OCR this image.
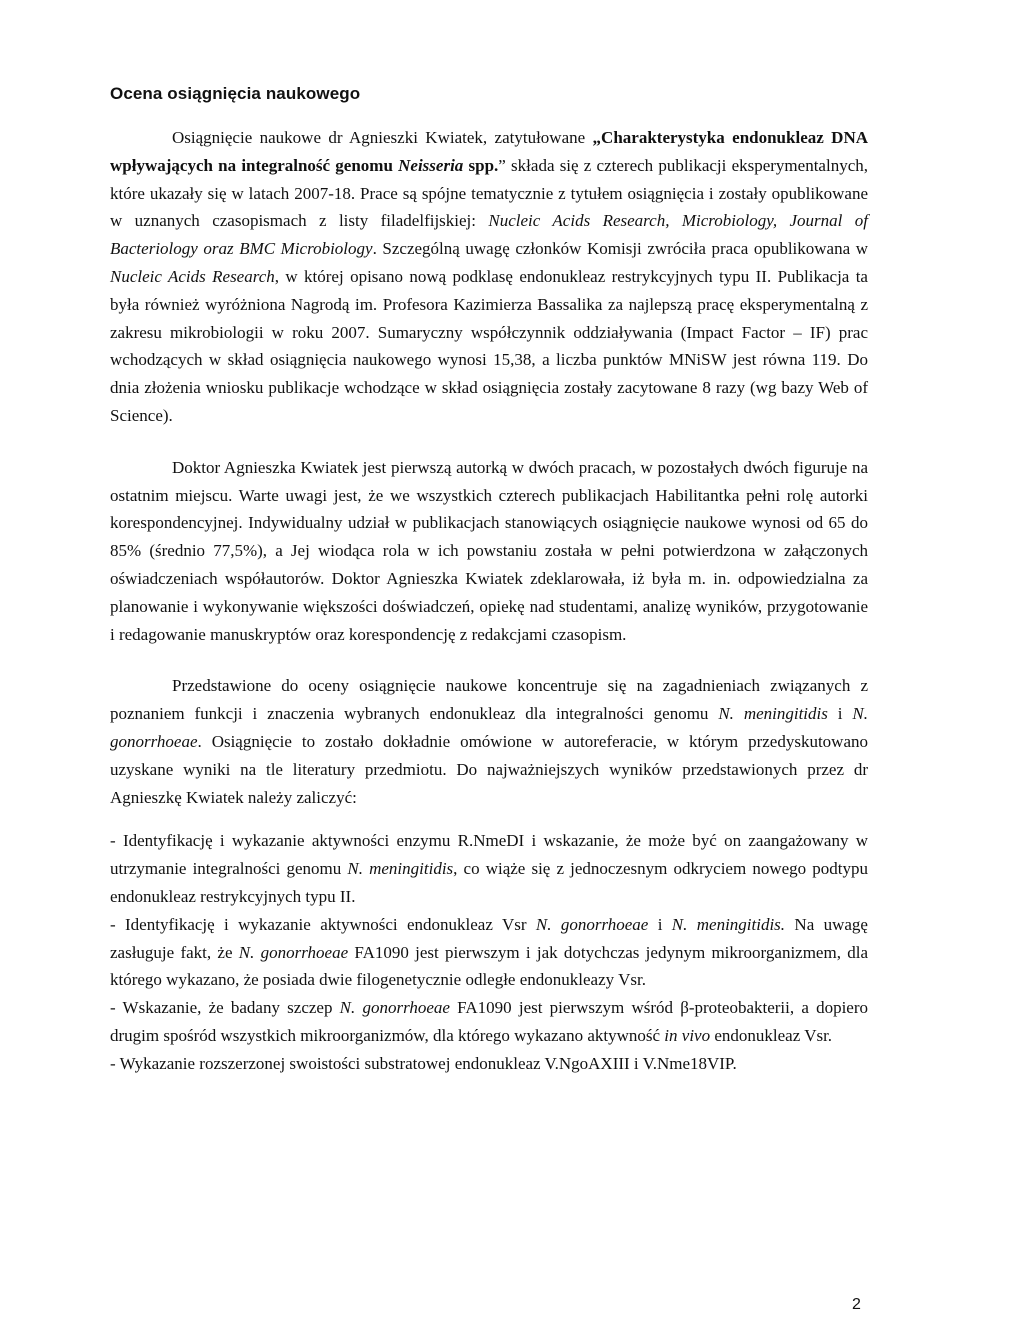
Ocena osiągnięcia naukowego

Osiągnięcie naukowe dr Agnieszki Kwiatek, zatytułowane „Charakterystyka endonukleaz DNA wpływających na integralność genomu Neisseria spp.” składa się z czterech publikacji eksperymentalnych, które ukazały się w latach 2007-18. Prace są spójne tematycznie z tytułem osiągnięcia i zostały opublikowane w uznanych czasopismach z listy filadelfijskiej: Nucleic Acids Research, Microbiology, Journal of Bacteriology oraz BMC Microbiology. Szczególną uwagę członków Komisji zwróciła praca opublikowana w Nucleic Acids Research, w której opisano nową podklasę endonukleaz restrykcyjnych typu II. Publikacja ta była również wyróżniona Nagrodą im. Profesora Kazimierza Bassalika za najlepszą pracę eksperymentalną z zakresu mikrobiologii w roku 2007. Sumaryczny współczynnik oddziaływania (Impact Factor – IF) prac wchodzących w skład osiągnięcia naukowego wynosi 15,38, a liczba punktów MNiSW jest równa 119. Do dnia złożenia wniosku publikacje wchodzące w skład osiągnięcia zostały zacytowane 8 razy (wg bazy Web of Science).

Doktor Agnieszka Kwiatek jest pierwszą autorką w dwóch pracach, w pozostałych dwóch figuruje na ostatnim miejscu. Warte uwagi jest, że we wszystkich czterech publikacjach Habilitantka pełni rolę autorki korespondencyjnej. Indywidualny udział w publikacjach stanowiących osiągnięcie naukowe wynosi od 65 do 85% (średnio 77,5%), a Jej wiodąca rola w ich powstaniu została w pełni potwierdzona w załączonych oświadczeniach współautorów. Doktor Agnieszka Kwiatek zdeklarowała, iż była m. in. odpowiedzialna za planowanie i wykonywanie większości doświadczeń, opiekę nad studentami, analizę wyników, przygotowanie i redagowanie manuskryptów oraz korespondencję z redakcjami czasopism.

Przedstawione do oceny osiągnięcie naukowe koncentruje się na zagadnieniach związanych z poznaniem funkcji i znaczenia wybranych endonukleaz dla integralności genomu N. meningitidis i N. gonorrhoeae. Osiągnięcie to zostało dokładnie omówione w autoreferacie, w którym przedyskutowano uzyskane wyniki na tle literatury przedmiotu. Do najważniejszych wyników przedstawionych przez dr Agnieszkę Kwiatek należy zaliczyć:

- Identyfikację i wykazanie aktywności enzymu R.NmeDI i wskazanie, że może być on zaangażowany w utrzymanie integralności genomu N. meningitidis, co wiąże się z jednoczesnym odkryciem nowego podtypu endonukleaz restrykcyjnych typu II.

- Identyfikację i wykazanie aktywności endonukleaz Vsr N. gonorrhoeae i N. meningitidis. Na uwagę zasługuje fakt, że N. gonorrhoeae FA1090 jest pierwszym i jak dotychczas jedynym mikroorganizmem, dla którego wykazano, że posiada dwie filogenetycznie odległe endonukleazy Vsr.

- Wskazanie, że badany szczep N. gonorrhoeae FA1090 jest pierwszym wśród β-proteobakterii, a dopiero drugim spośród wszystkich mikroorganizmów, dla którego wykazano aktywność in vivo endonukleaz Vsr.

- Wykazanie rozszerzonej swoistości substratowej endonukleaz V.NgoAXIII i V.Nme18VIP.

2
